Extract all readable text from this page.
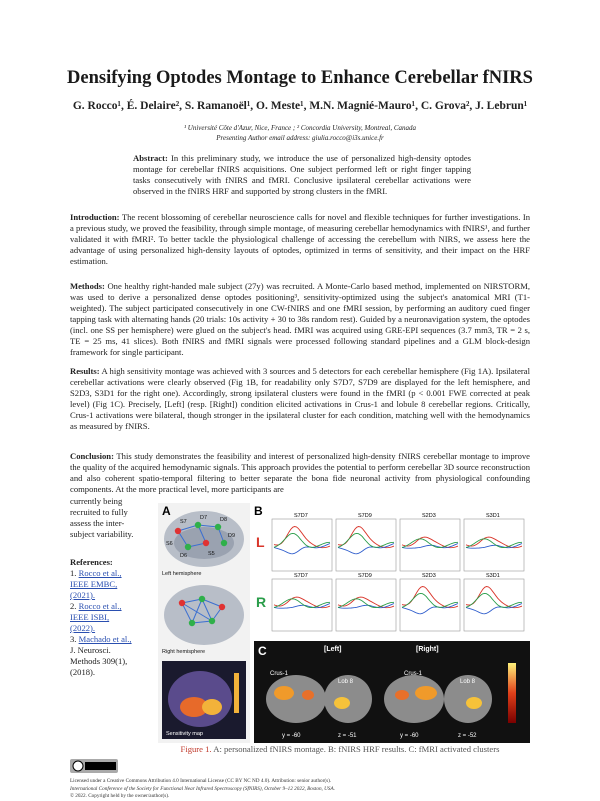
Densifying Optodes Montage to Enhance Cerebellar fNIRS
G. Rocco¹, É. Delaire², S. Ramanoël¹, O. Meste¹, M.N. Magnié-Mauro¹, C. Grova², J. Lebrun¹
¹ Université Côte d'Azur, Nice, France ; ² Concordia University, Montreal, Canada
Presenting Author email address: giulia.rocco@i3s.unice.fr
Abstract: In this preliminary study, we introduce the use of personalized high-density optodes montage for cerebellar fNIRS acquisitions. One subject performed left or right finger tapping tasks consecutively with fNIRS and fMRI. Conclusive ipsilateral cerebellar activations were observed in the fNIRS HRF and supported by strong clusters in the fMRI.
Introduction: The recent blossoming of cerebellar neuroscience calls for novel and flexible techniques for further investigations. In a previous study, we proved the feasibility, through simple montage, of measuring cerebellar hemodynamics with fNIRS¹, and further validated it with fMRI². To better tackle the physiological challenge of accessing the cerebellum with NIRS, we assess here the advantage of using personalized high-density layouts of optodes, optimized in terms of sensitivity, and their impact on the HRF estimation.
Methods: One healthy right-handed male subject (27y) was recruited. A Monte-Carlo based method, implemented on NIRSTORM, was used to derive a personalized dense optodes positioning³, sensitivity-optimized using the subject's anatomical MRI (T1-weighted). The subject participated consecutively in one CW-fNIRS and one fMRI session, by performing an auditory cued finger tapping task with alternating hands (20 trials: 10s activity + 30 to 38s random rest). Guided by a neuronavigation system, the optodes (incl. one SS per hemisphere) were glued on the subject's head. fMRI was acquired using GRE-EPI sequences (3.7 mm3, TR = 2 s, TE = 25 ms, 41 slices). Both fNIRS and fMRI signals were processed following standard pipelines and a GLM block-design framework for single participant.
Results: A high sensitivity montage was achieved with 3 sources and 5 detectors for each cerebellar hemisphere (Fig 1A). Ipsilateral cerebellar activations were clearly observed (Fig 1B, for readability only S7D7, S7D9 are displayed for the left hemisphere, and S2D3, S3D1 for the right one). Accordingly, strong ipsilateral clusters were found in the fMRI (p < 0.001 FWE corrected at peak level) (Fig 1C). Precisely, [Left] (resp. [Right]) condition elicited activations in Crus-1 and lobule 8 cerebellar regions. Critically, Crus-1 activations were bilateral, though stronger in the ipsilateral cluster for each condition, matching well with the hemodynamics as measured by fNIRS.
Conclusion: This study demonstrates the feasibility and interest of personalized high-density fNIRS cerebellar montage to improve the quality of the acquired hemodynamic signals. This approach provides the potential to perform cerebellar 3D source reconstruction and also coherent spatio-temporal filtering to better separate the bona fide neuronal activity from physiological confounding components. At the more practical level, more participants are
currently being recruited to fully assess the inter-subject variability.
References:
1. Rocco et al., IEEE EMBC, (2021).
2. Rocco et al., IEEE ISBI, (2022).
3. Machado et al., J. Neurosci. Methods 309(1), (2018).
A
S7
D7 D8
D9
S6
D6	S5
Left hemisphere
Right hemisphere
Sensitivity map
B
L
R
S7D7	S7D9	S2D3	S3D1
S7D7	S7D9	S2D3	S3D1
C	[Left]	[Right]
Crus-1
Lob 8
Crus-1
Lob 8
y = -60	z = -51	y = -60	z = -52
Figure 1. A: personalized fNIRS montage. B: fNIRS HRF results. C: fMRI activated clusters
Licensed under a Creative Commons Attribution 4.0 International License (CC BY NC ND 4.0). Attribution: senior author(s).
International Conference of the Society for Functional Near Infrared Spectroscopy (SfNIRS), October 9–12 2022, Boston, USA.
© 2022. Copyright held by the owner/author(s).
